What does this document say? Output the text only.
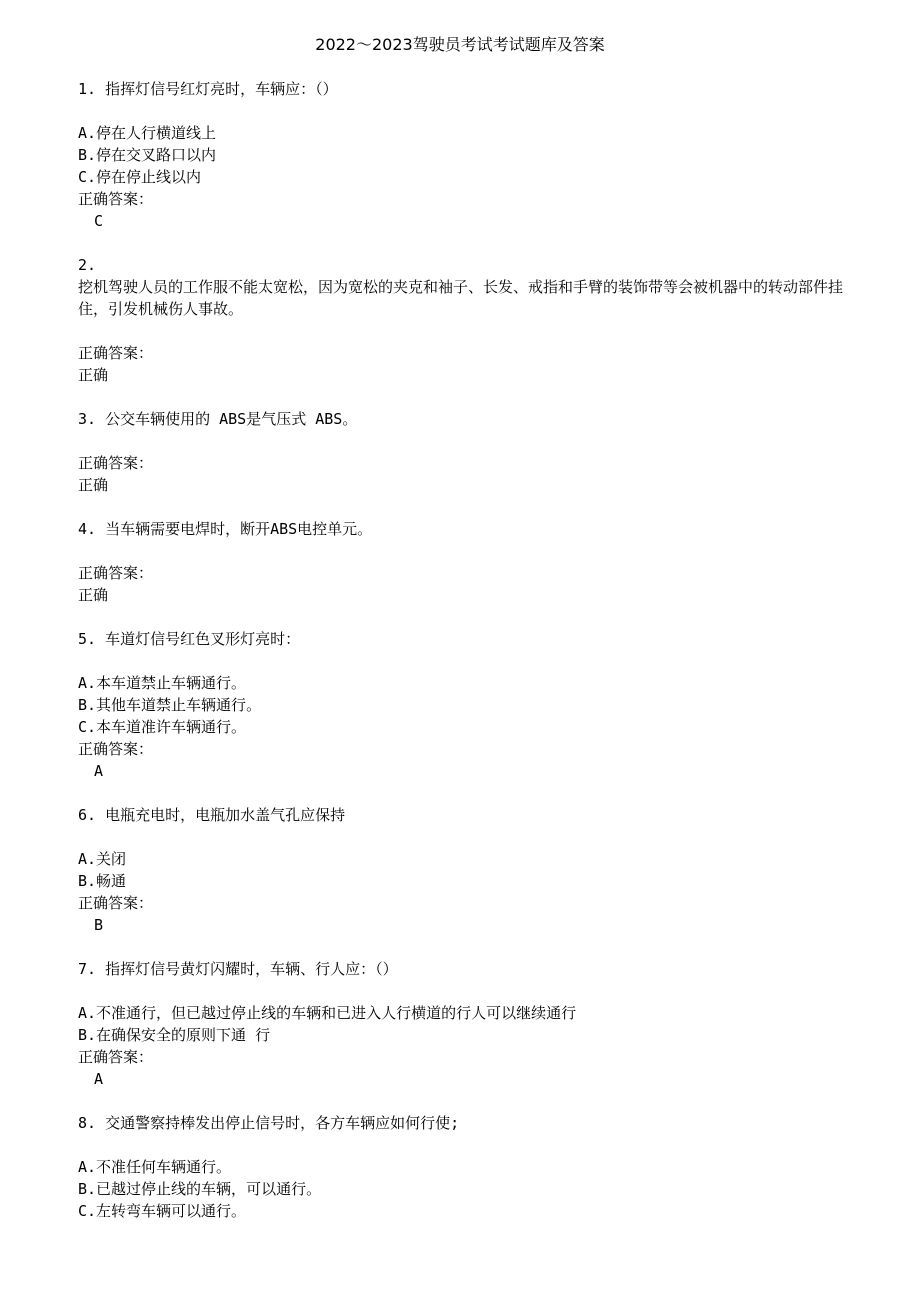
2022～2023驾驶员考试考试题库及答案

1. 指挥灯信号红灯亮时，车辆应：（）

A.停在人行横道线上

B.停在交叉路口以内

C.停在停止线以内

正确答案：

C

2.
挖机驾驶人员的工作服不能太宽松，因为宽松的夹克和袖子、长发、戒指和手臂的装饰带等会被机器中的转动部件挂住，引发机械伤人事故。

正确答案：

正确

3. 公交车辆使用的 ABS是气压式 ABS。

正确答案：

正确

4. 当车辆需要电焊时，断开ABS电控单元。

正确答案：

正确

5. 车道灯信号红色叉形灯亮时：

A.本车道禁止车辆通行。

B.其他车道禁止车辆通行。

C.本车道准许车辆通行。

正确答案：

A

6. 电瓶充电时，电瓶加水盖气孔应保持

A.关闭

B.畅通

正确答案：

B

7. 指挥灯信号黄灯闪耀时，车辆、行人应：（）

A.不准通行，但已越过停止线的车辆和已进入人行横道的行人可以继续通行

B.在确保安全的原则下通 行

正确答案：

A

8. 交通警察持棒发出停止信号时，各方车辆应如何行使;

A.不准任何车辆通行。

B.已越过停止线的车辆，可以通行。

C.左转弯车辆可以通行。
